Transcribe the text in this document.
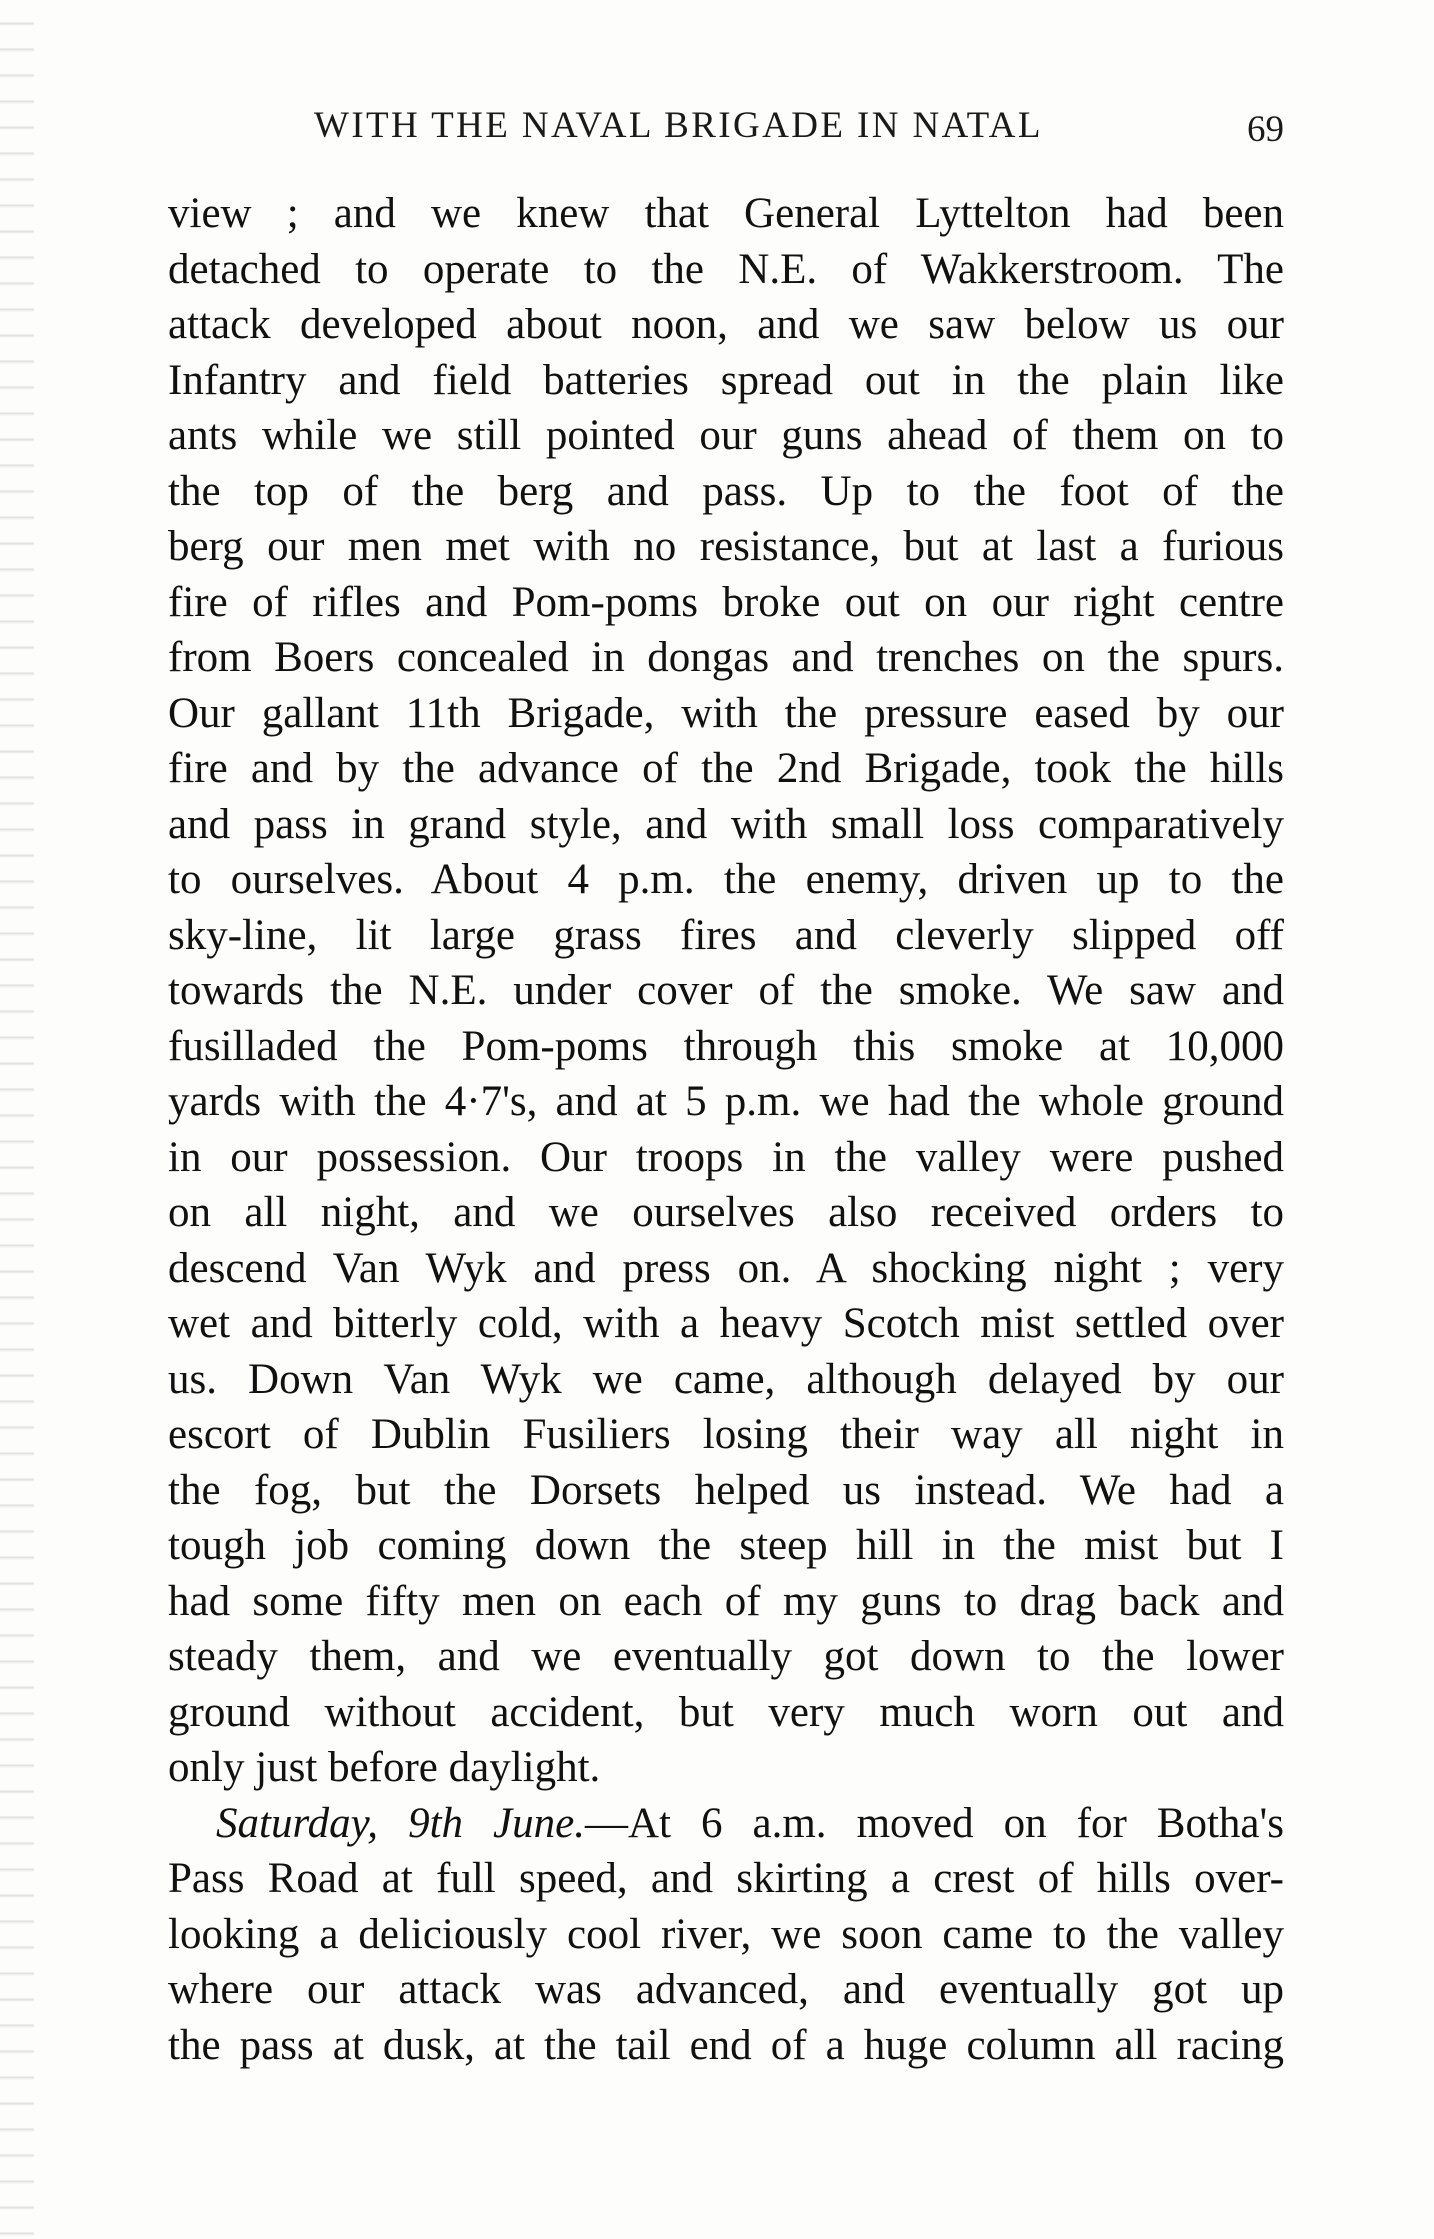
WITH THE NAVAL BRIGADE IN NATAL	69
view ; and we knew that General Lyttelton had been
detached to operate to the N.E. of Wakkerstroom. The
attack developed about noon, and we saw below us our
Infantry and field batteries spread out in the plain like
ants while we still pointed our guns ahead of them on to
the top of the berg and pass. Up to the foot of the
berg our men met with no resistance, but at last a furious
fire of rifles and Pom-poms broke out on our right centre
from Boers concealed in dongas and trenches on the spurs.
Our gallant 11th Brigade, with the pressure eased by our
fire and by the advance of the 2nd Brigade, took the hills
and pass in grand style, and with small loss comparatively
to ourselves. About 4 p.m. the enemy, driven up to the
sky-line, lit large grass fires and cleverly slipped off
towards the N.E. under cover of the smoke. We saw and
fusilladed the Pom-poms through this smoke at 10,000
yards with the 4·7's, and at 5 p.m. we had the whole ground
in our possession. Our troops in the valley were pushed
on all night, and we ourselves also received orders to
descend Van Wyk and press on. A shocking night ; very
wet and bitterly cold, with a heavy Scotch mist settled over
us. Down Van Wyk we came, although delayed by our
escort of Dublin Fusiliers losing their way all night in
the fog, but the Dorsets helped us instead. We had a
tough job coming down the steep hill in the mist but I
had some fifty men on each of my guns to drag back and
steady them, and we eventually got down to the lower
ground without accident, but very much worn out and
only just before daylight.
Saturday, 9th June.—At 6 a.m. moved on for Botha's
Pass Road at full speed, and skirting a crest of hills over-
looking a deliciously cool river, we soon came to the valley
where our attack was advanced, and eventually got up
the pass at dusk, at the tail end of a huge column all racing
